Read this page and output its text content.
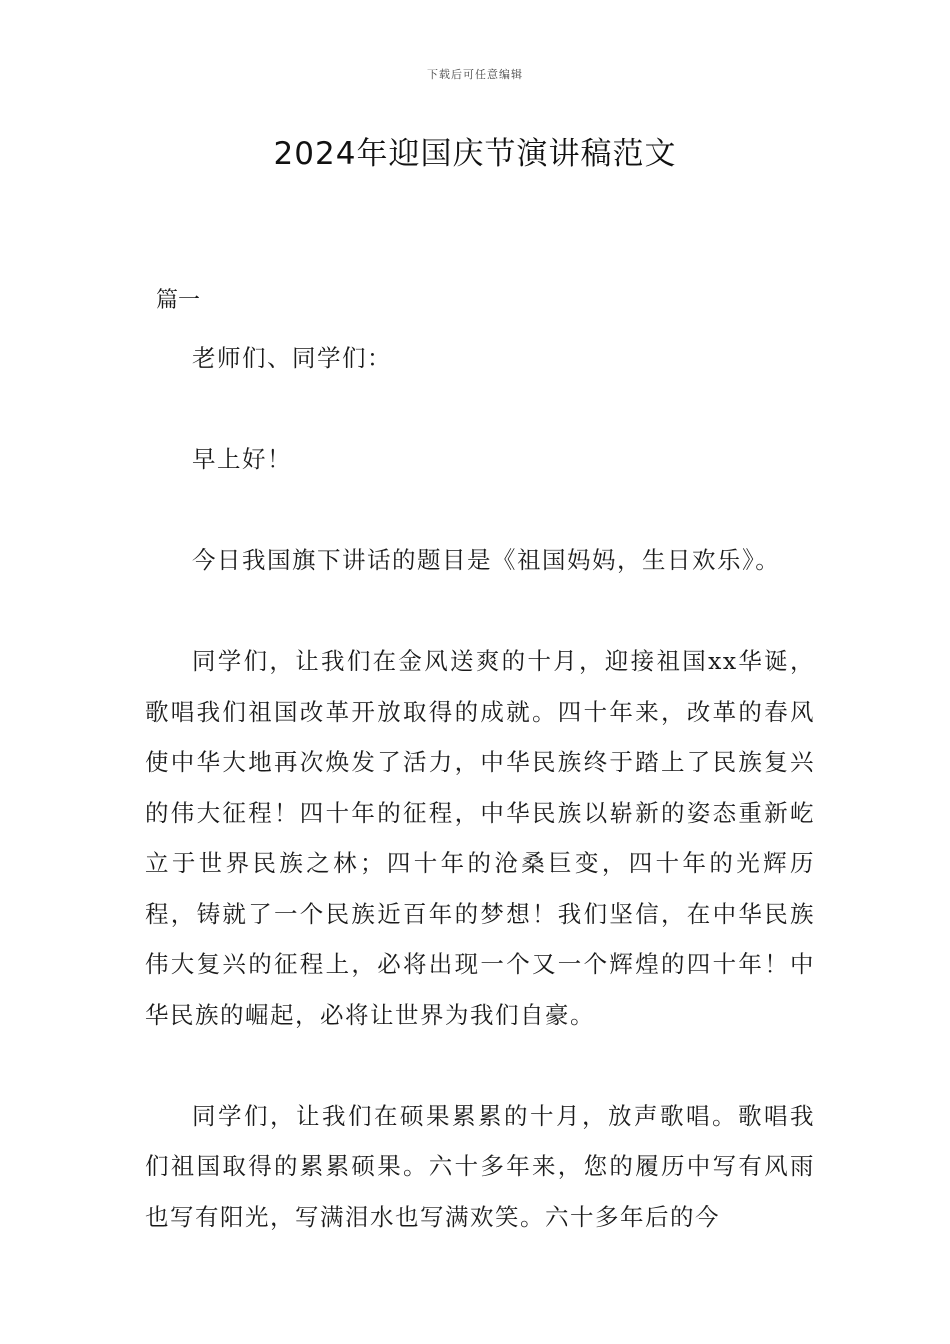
下载后可任意编辑
2024年迎国庆节演讲稿范文
篇一

老师们、同学们：

早上好！

今日我国旗下讲话的题目是《祖国妈妈，生日欢乐》。

同学们，让我们在金风送爽的十月，迎接祖国xx华诞，歌唱我们祖国改革开放取得的成就。四十年来，改革的春风使中华大地再次焕发了活力，中华民族终于踏上了民族复兴的伟大征程！四十年的征程，中华民族以崭新的姿态重新屹立于世界民族之林；四十年的沧桑巨变，四十年的光辉历程，铸就了一个民族近百年的梦想！我们坚信，在中华民族伟大复兴的征程上，必将出现一个又一个辉煌的四十年！中华民族的崛起，必将让世界为我们自豪。

同学们，让我们在硕果累累的十月，放声歌唱。歌唱我们祖国取得的累累硕果。六十多年来，您的履历中写有风雨也写有阳光，写满泪水也写满欢笑。六十多年后的今
